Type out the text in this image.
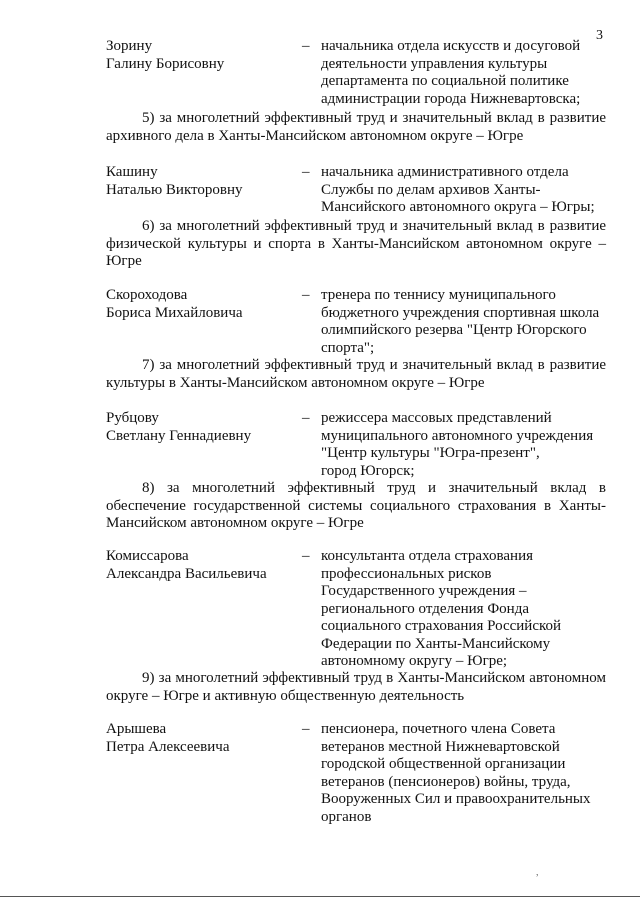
3
Зорину
Галину Борисовну
– начальника отдела искусств и досуговой
деятельности управления культуры
департамента по социальной политике
администрации города Нижневартовска;
5) за многолетний эффективный труд и значительный вклад в развитие
архивного дела в Ханты-Мансийском автономном округе – Югре
Кашину
Наталью Викторовну
– начальника административного отдела
Службы по делам архивов Ханты-
Мансийского автономного округа – Югры;
6) за многолетний эффективный труд и значительный вклад в развитие
физической культуры и спорта в Ханты-Мансийском автономном округе –
Югре
Скороходова
Бориса Михайловича
– тренера по теннису муниципального
бюджетного учреждения спортивная школа
олимпийского резерва "Центр Югорского
спорта";
7) за многолетний эффективный труд и значительный вклад в развитие
культуры в Ханты-Мансийском автономном округе – Югре
Рубцову
Светлану Геннадиевну
– режиссера массовых представлений
муниципального автономного учреждения
"Центр культуры "Югра-презент",
город Югорск;
8) за многолетний эффективный труд и значительный вклад в
обеспечение государственной системы социального страхования в Ханты-
Мансийском автономном округе – Югре
Комиссарова
Александра Васильевича
– консультанта отдела страхования
профессиональных рисков
Государственного учреждения –
регионального отделения Фонда
социального страхования Российской
Федерации по Ханты-Мансийскому
автономному округу – Югре;
9) за многолетний эффективный труд в Ханты-Мансийском автономном
округе – Югре и активную общественную деятельность
Арышева
Петра Алексеевича
– пенсионера, почетного члена Совета
ветеранов местной Нижневартовской
городской общественной организации
ветеранов (пенсионеров) войны, труда,
Вооруженных Сил и правоохранительных
органов
,
